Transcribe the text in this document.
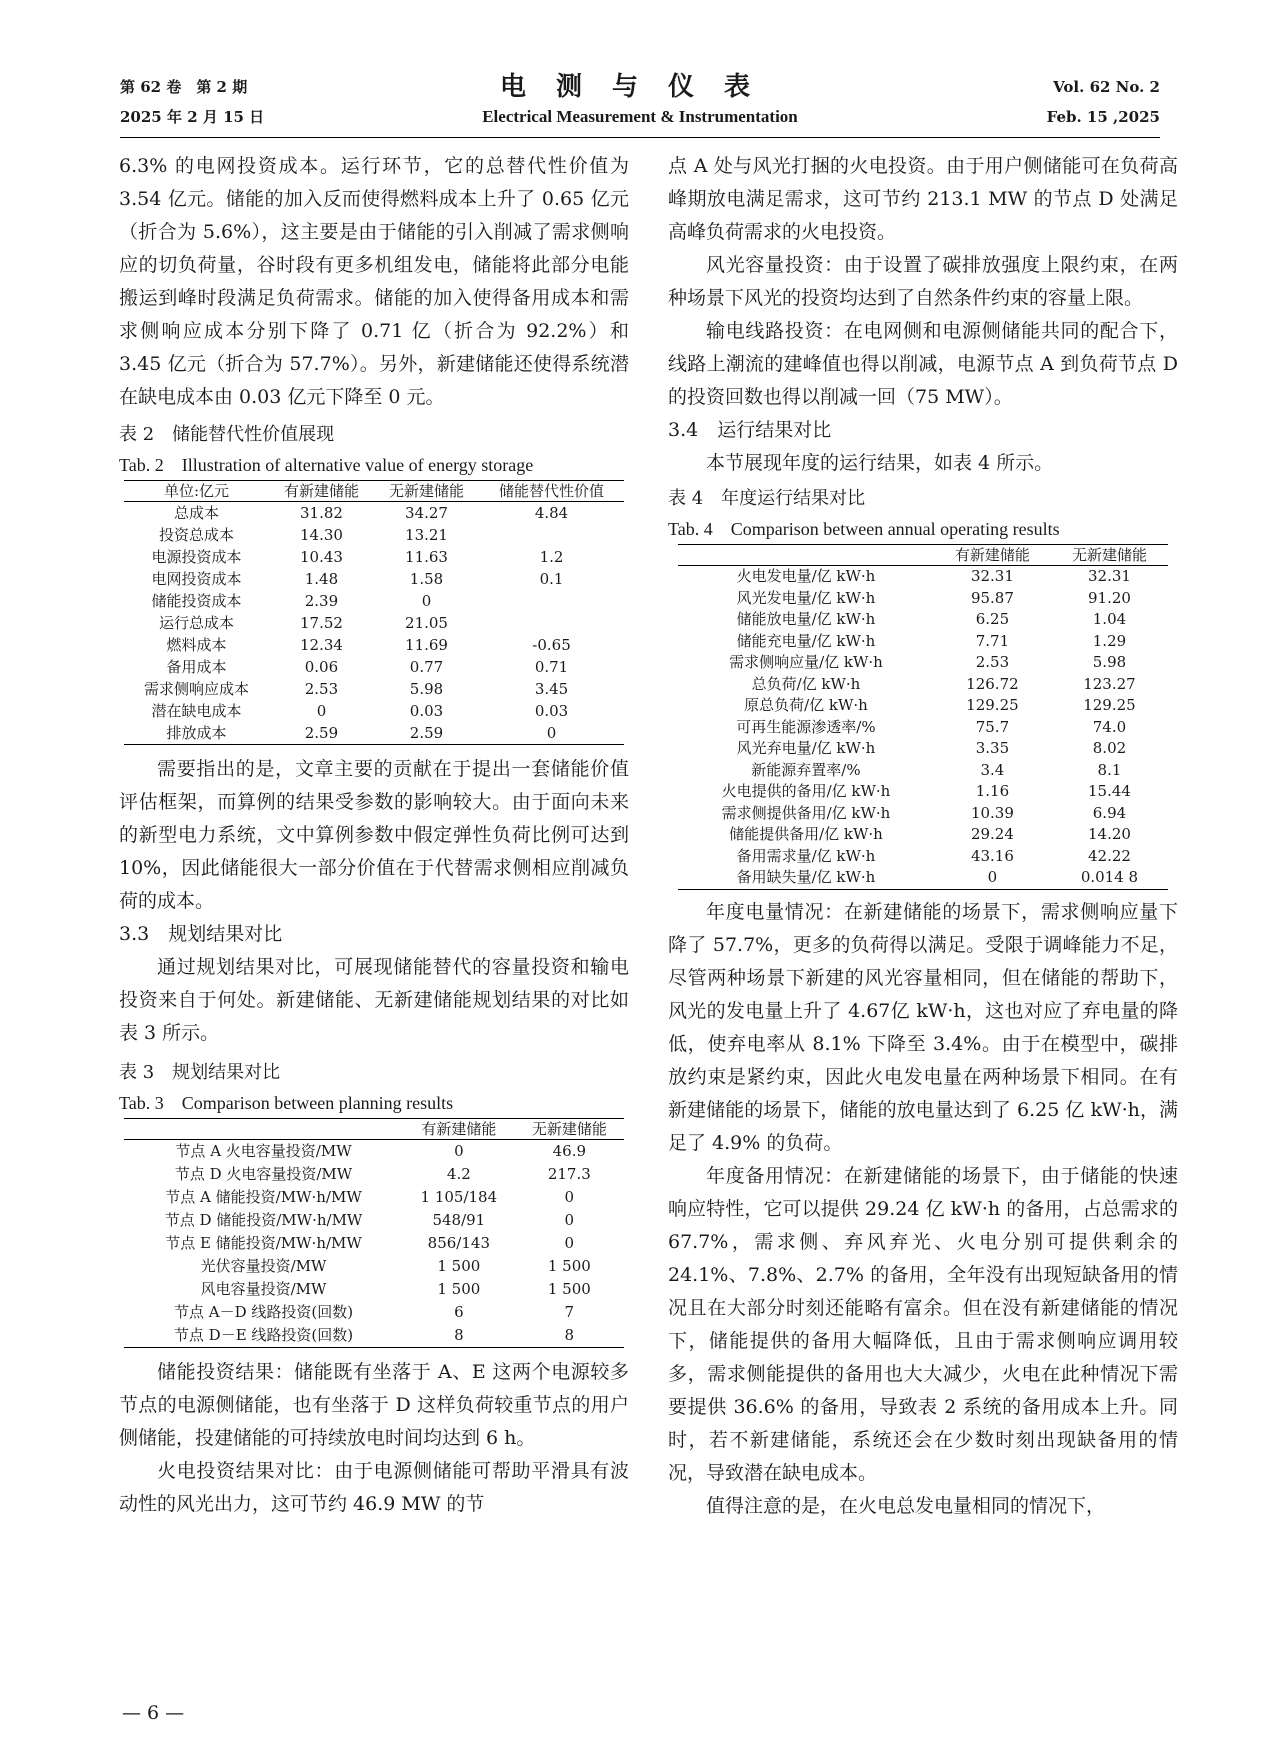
第 62 卷　第 2 期
2025 年 2 月 15 日
电测与仪表
Electrical Measurement & Instrumentation
Vol. 62 No. 2
Feb. 15 ,2025

6.3% 的电网投资成本。运行环节，它的总替代性价值为 3.54 亿元。储能的加入反而使得燃料成本上升了 0.65 亿元（折合为 5.6%），这主要是由于储能的引入削减了需求侧响应的切负荷量，谷时段有更多机组发电，储能将此部分电能搬运到峰时段满足负荷需求。储能的加入使得备用成本和需求侧响应成本分别下降了 0.71 亿（折合为 92.2%）和 3.45 亿元（折合为 57.7%）。另外，新建储能还使得系统潜在缺电成本由 0.03 亿元下降至 0 元。

表 2　储能替代性价值展现

Tab. 2　Illustration of alternative value of energy storage

单位:亿元	有新建储能	无新建储能	储能替代性价值
总成本	31.82	34.27	4.84
投资总成本	14.30	13.21	
电源投资成本	10.43	11.63	1.2
电网投资成本	1.48	1.58	0.1
储能投资成本	2.39	0	
运行总成本	17.52	21.05	
燃料成本	12.34	11.69	-0.65
备用成本	0.06	0.77	0.71
需求侧响应成本	2.53	5.98	3.45
潜在缺电成本	0	0.03	0.03
排放成本	2.59	2.59	0

需要指出的是，文章主要的贡献在于提出一套储能价值评估框架，而算例的结果受参数的影响较大。由于面向未来的新型电力系统，文中算例参数中假定弹性负荷比例可达到 10%，因此储能很大一部分价值在于代替需求侧相应削减负荷的成本。

3.3　规划结果对比

通过规划结果对比，可展现储能替代的容量投资和输电投资来自于何处。新建储能、无新建储能规划结果的对比如表 3 所示。

表 3　规划结果对比

Tab. 3　Comparison between planning results

	有新建储能	无新建储能
节点 A 火电容量投资/MW	0	46.9
节点 D 火电容量投资/MW	4.2	217.3
节点 A 储能投资/MW·h/MW	1 105/184	0
节点 D 储能投资/MW·h/MW	548/91	0
节点 E 储能投资/MW·h/MW	856/143	0
光伏容量投资/MW	1 500	1 500
风电容量投资/MW	1 500	1 500
节点 A－D 线路投资(回数)	6	7
节点 D－E 线路投资(回数)	8	8

储能投资结果：储能既有坐落于 A、E 这两个电源较多节点的电源侧储能，也有坐落于 D 这样负荷较重节点的用户侧储能，投建储能的可持续放电时间均达到 6 h。

火电投资结果对比：由于电源侧储能可帮助平滑具有波动性的风光出力，这可节约 46.9 MW 的节

点 A 处与风光打捆的火电投资。由于用户侧储能可在负荷高峰期放电满足需求，这可节约 213.1 MW 的节点 D 处满足高峰负荷需求的火电投资。

风光容量投资：由于设置了碳排放强度上限约束，在两种场景下风光的投资均达到了自然条件约束的容量上限。

输电线路投资：在电网侧和电源侧储能共同的配合下，线路上潮流的建峰值也得以削减，电源节点 A 到负荷节点 D 的投资回数也得以削减一回（75 MW）。

3.4　运行结果对比

本节展现年度的运行结果，如表 4 所示。

表 4　年度运行结果对比

Tab. 4　Comparison between annual operating results

	有新建储能	无新建储能
火电发电量/亿 kW·h	32.31	32.31
风光发电量/亿 kW·h	95.87	91.20
储能放电量/亿 kW·h	6.25	1.04
储能充电量/亿 kW·h	7.71	1.29
需求侧响应量/亿 kW·h	2.53	5.98
总负荷/亿 kW·h	126.72	123.27
原总负荷/亿 kW·h	129.25	129.25
可再生能源渗透率/%	75.7	74.0
风光弃电量/亿 kW·h	3.35	8.02
新能源弃置率/%	3.4	8.1
火电提供的备用/亿 kW·h	1.16	15.44
需求侧提供备用/亿 kW·h	10.39	6.94
储能提供备用/亿 kW·h	29.24	14.20
备用需求量/亿 kW·h	43.16	42.22
备用缺失量/亿 kW·h	0	0.014 8

年度电量情况：在新建储能的场景下，需求侧响应量下降了 57.7%，更多的负荷得以满足。受限于调峰能力不足，尽管两种场景下新建的风光容量相同，但在储能的帮助下，风光的发电量上升了 4.67亿 kW·h，这也对应了弃电量的降低，使弃电率从 8.1% 下降至 3.4%。由于在模型中，碳排放约束是紧约束，因此火电发电量在两种场景下相同。在有新建储能的场景下，储能的放电量达到了 6.25 亿 kW·h，满足了 4.9% 的负荷。

年度备用情况：在新建储能的场景下，由于储能的快速响应特性，它可以提供 29.24 亿 kW·h 的备用，占总需求的 67.7%，需求侧、弃风弃光、火电分别可提供剩余的 24.1%、7.8%、2.7% 的备用，全年没有出现短缺备用的情况且在大部分时刻还能略有富余。但在没有新建储能的情况下，储能提供的备用大幅降低，且由于需求侧响应调用较多，需求侧能提供的备用也大大减少，火电在此种情况下需要提供 36.6% 的备用，导致表 2 系统的备用成本上升。同时，若不新建储能，系统还会在少数时刻出现缺备用的情况，导致潜在缺电成本。

值得注意的是，在火电总发电量相同的情况下，

— 6 —
